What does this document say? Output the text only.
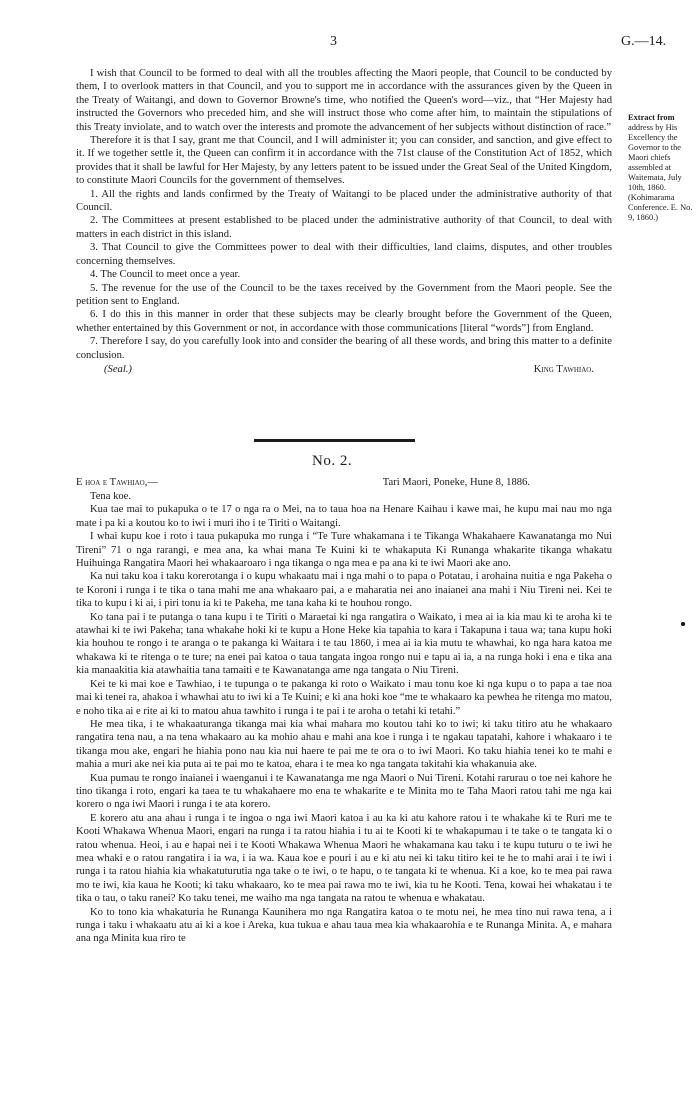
3	G.—14.

I wish that Council to be formed to deal with all the troubles affecting the Maori people, that Council to be conducted by them, I to overlook matters in that Council, and you to support me in accordance with the assurances given by the Queen in the Treaty of Waitangi, and down to Governor Browne's time, who notified the Queen's word—viz., that “Her Majesty had instructed the Governors who preceded him, and she will instruct those who come after him, to maintain the stipulations of this Treaty inviolate, and to watch over the interests and promote the advancement of her subjects without distinction of race.”

Therefore it is that I say, grant me that Council, and I will administer it; you can consider, and sanction, and give effect to it. If we together settle it, the Queen can confirm it in accordance with the 71st clause of the Constitution Act of 1852, which provides that it shall be lawful for Her Majesty, by any letters patent to be issued under the Great Seal of the United Kingdom, to constitute Maori Councils for the government of themselves.

1. All the rights and lands confirmed by the Treaty of Waitangi to be placed under the administrative authority of that Council.

2. The Committees at present established to be placed under the administrative authority of that Council, to deal with matters in each district in this island.

3. That Council to give the Committees power to deal with their difficulties, land claims, disputes, and other troubles concerning themselves.

4. The Council to meet once a year.

5. The revenue for the use of the Council to be the taxes received by the Government from the Maori people. See the petition sent to England.

6. I do this in this manner in order that these subjects may be clearly brought before the Government of the Queen, whether entertained by this Government or not, in accordance with those communications [literal “words”] from England.

7. Therefore I say, do you carefully look into and consider the bearing of all these words, and bring this matter to a definite conclusion.

(Seal.)	King Tawhiao.
Extract from address by His Excellency the Governor to the Maori chiefs assembled at Waitemata, July 10th, 1860. (Kohimarama Conference. E. No. 9, 1860.)
No. 2.
E hoa e Tawhiao,—	Tari Maori, Poneke, Hune 8, 1886.

Tena koe.

Kua tae mai to pukapuka o te 17 o nga ra o Mei, na to taua hoa na Henare Kaihau i kawe mai, he kupu mai nau mo nga mate i pa ki a koutou ko to iwi i muri iho i te Tiriti o Waitangi.

I whai kupu koe i roto i taua pukapuka mo runga i “Te Ture whakamana i te Tikanga Whakahaere Kawanatanga mo Nui Tireni” 71 o nga rarangi, e mea ana, ka whai mana Te Kuini ki te whakaputa Ki Runanga whakarite tikanga whakatu Huihuinga Rangatira Maori hei whakaaroaro i nga tikanga o nga mea e pa ana ki te iwi Maori ake ano.

Ka nui taku koa i taku korerotanga i o kupu whakaatu mai i nga mahi o to papa o Potatau, i arohaina nuitia e nga Pakeha o te Koroni i runga i te tika o tana mahi me ana whakaaro pai, a e maharatia nei ano inaianei ana mahi i Niu Tireni nei. Kei te tika to kupu i ki ai, i piri tonu ia ki te Pakeha, me tana kaha ki te houhou rongo.

Ko tana pai i te putanga o tana kupu i te Tiriti o Maraetai ki nga rangatira o Waikato, i mea ai ia kia mau ki te aroha ki te atawhai ki te iwi Pakeha; tana whakahe hoki ki te kupu a Hone Heke kia tapahia to kara i Takapuna i taua wa; tana kupu hoki kia houhou te rongo i te aranga o te pakanga ki Waitara i te tau 1860, i mea ai ia kia mutu te whawhai, ko nga hara katoa me whakawa ki te ritenga o te ture; na enei pai katoa o taua tangata ingoa rongo nui e tapu ai ia, a na runga hoki i ena e tika ana kia manaakitia kia atawhaitia tana tamaiti e te Kawanatanga ame nga tangata o Niu Tireni.

Kei te ki mai koe e Tawhiao, i te tupunga o te pakanga ki roto o Waikato i mau tonu koe ki nga kupu o to papa a tae noa mai ki tenei ra, ahakoa i whawhai atu to iwi ki a Te Kuini; e ki ana hoki koe “me te whakaaro ka pewhea he ritenga mo matou, e noho tika ai e rite ai ki to matou ahua tawhito i runga i te pai i te aroha o tetahi ki tetahi.”

He mea tika, i te whakaaturanga tikanga mai kia whai mahara mo koutou tahi ko to iwi; ki taku titiro atu he whakaaro rangatira tena nau, a na tena whakaaro au ka mohio ahau e mahi ana koe i runga i te ngakau tapatahi, kahore i whakaaro i te tikanga mou ake, engari he hiahia pono nau kia nui haere te pai me te ora o to iwi Maori. Ko taku hiahia tenei ko te mahi e mahia a muri ake nei kia puta ai te pai mo te katoa, ehara i te mea ko nga tangata takitahi kia whakanuia ake.

Kua pumau te rongo inaianei i waenganui i te Kawanatanga me nga Maori o Nui Tireni. Kotahi rarurau o toe nei kahore he tino tikanga i roto, engari ka taea te tu whakahaere mo ena te whakarite e te Minita mo te Taha Maori ratou tahi me nga kai korero o nga iwi Maori i runga i te ata korero.

E korero atu ana ahau i runga i te ingoa o nga iwi Maori katoa i au ka ki atu kahore ratou i te whakahe ki te Ruri me te Kooti Whakawa Whenua Maori, engari na runga i ta ratou hiahia i tu ai te Kooti ki te whakapumau i te take o te tangata ki o ratou whenua. Heoi, i au e hapai nei i te Kooti Whakawa Whenua Maori he whakamana kau taku i te kupu tuturu o te iwi he mea whaki e o ratou rangatira i ia wa, i ia wa. Kaua koe e pouri i au e ki atu nei ki taku titiro kei te he to mahi arai i te iwi i runga i ta ratou hiahia kia whakatuturutia nga take o te iwi, o te hapu, o te tangata ki te whenua. Ki a koe, ko te mea pai rawa mo te iwi, kia kaua he Kooti; ki taku whakaaro, ko te mea pai rawa mo te iwi, kia tu he Kooti. Tena, kowai hei whakatau i te tika o tau, o taku ranei? Ko taku tenei, me waiho ma nga tangata na ratou te whenua e whakatau.

Ko to tono kia whakaturia he Runanga Kaunihera mo nga Rangatira katoa o te motu nei, he mea tino nui rawa tena, a i runga i taku i whakaatu atu ai ki a koe i Areka, kua tukua e ahau taua mea kia whakaarohia e te Runanga Minita. A, e mahara ana nga Minita kua riro te
